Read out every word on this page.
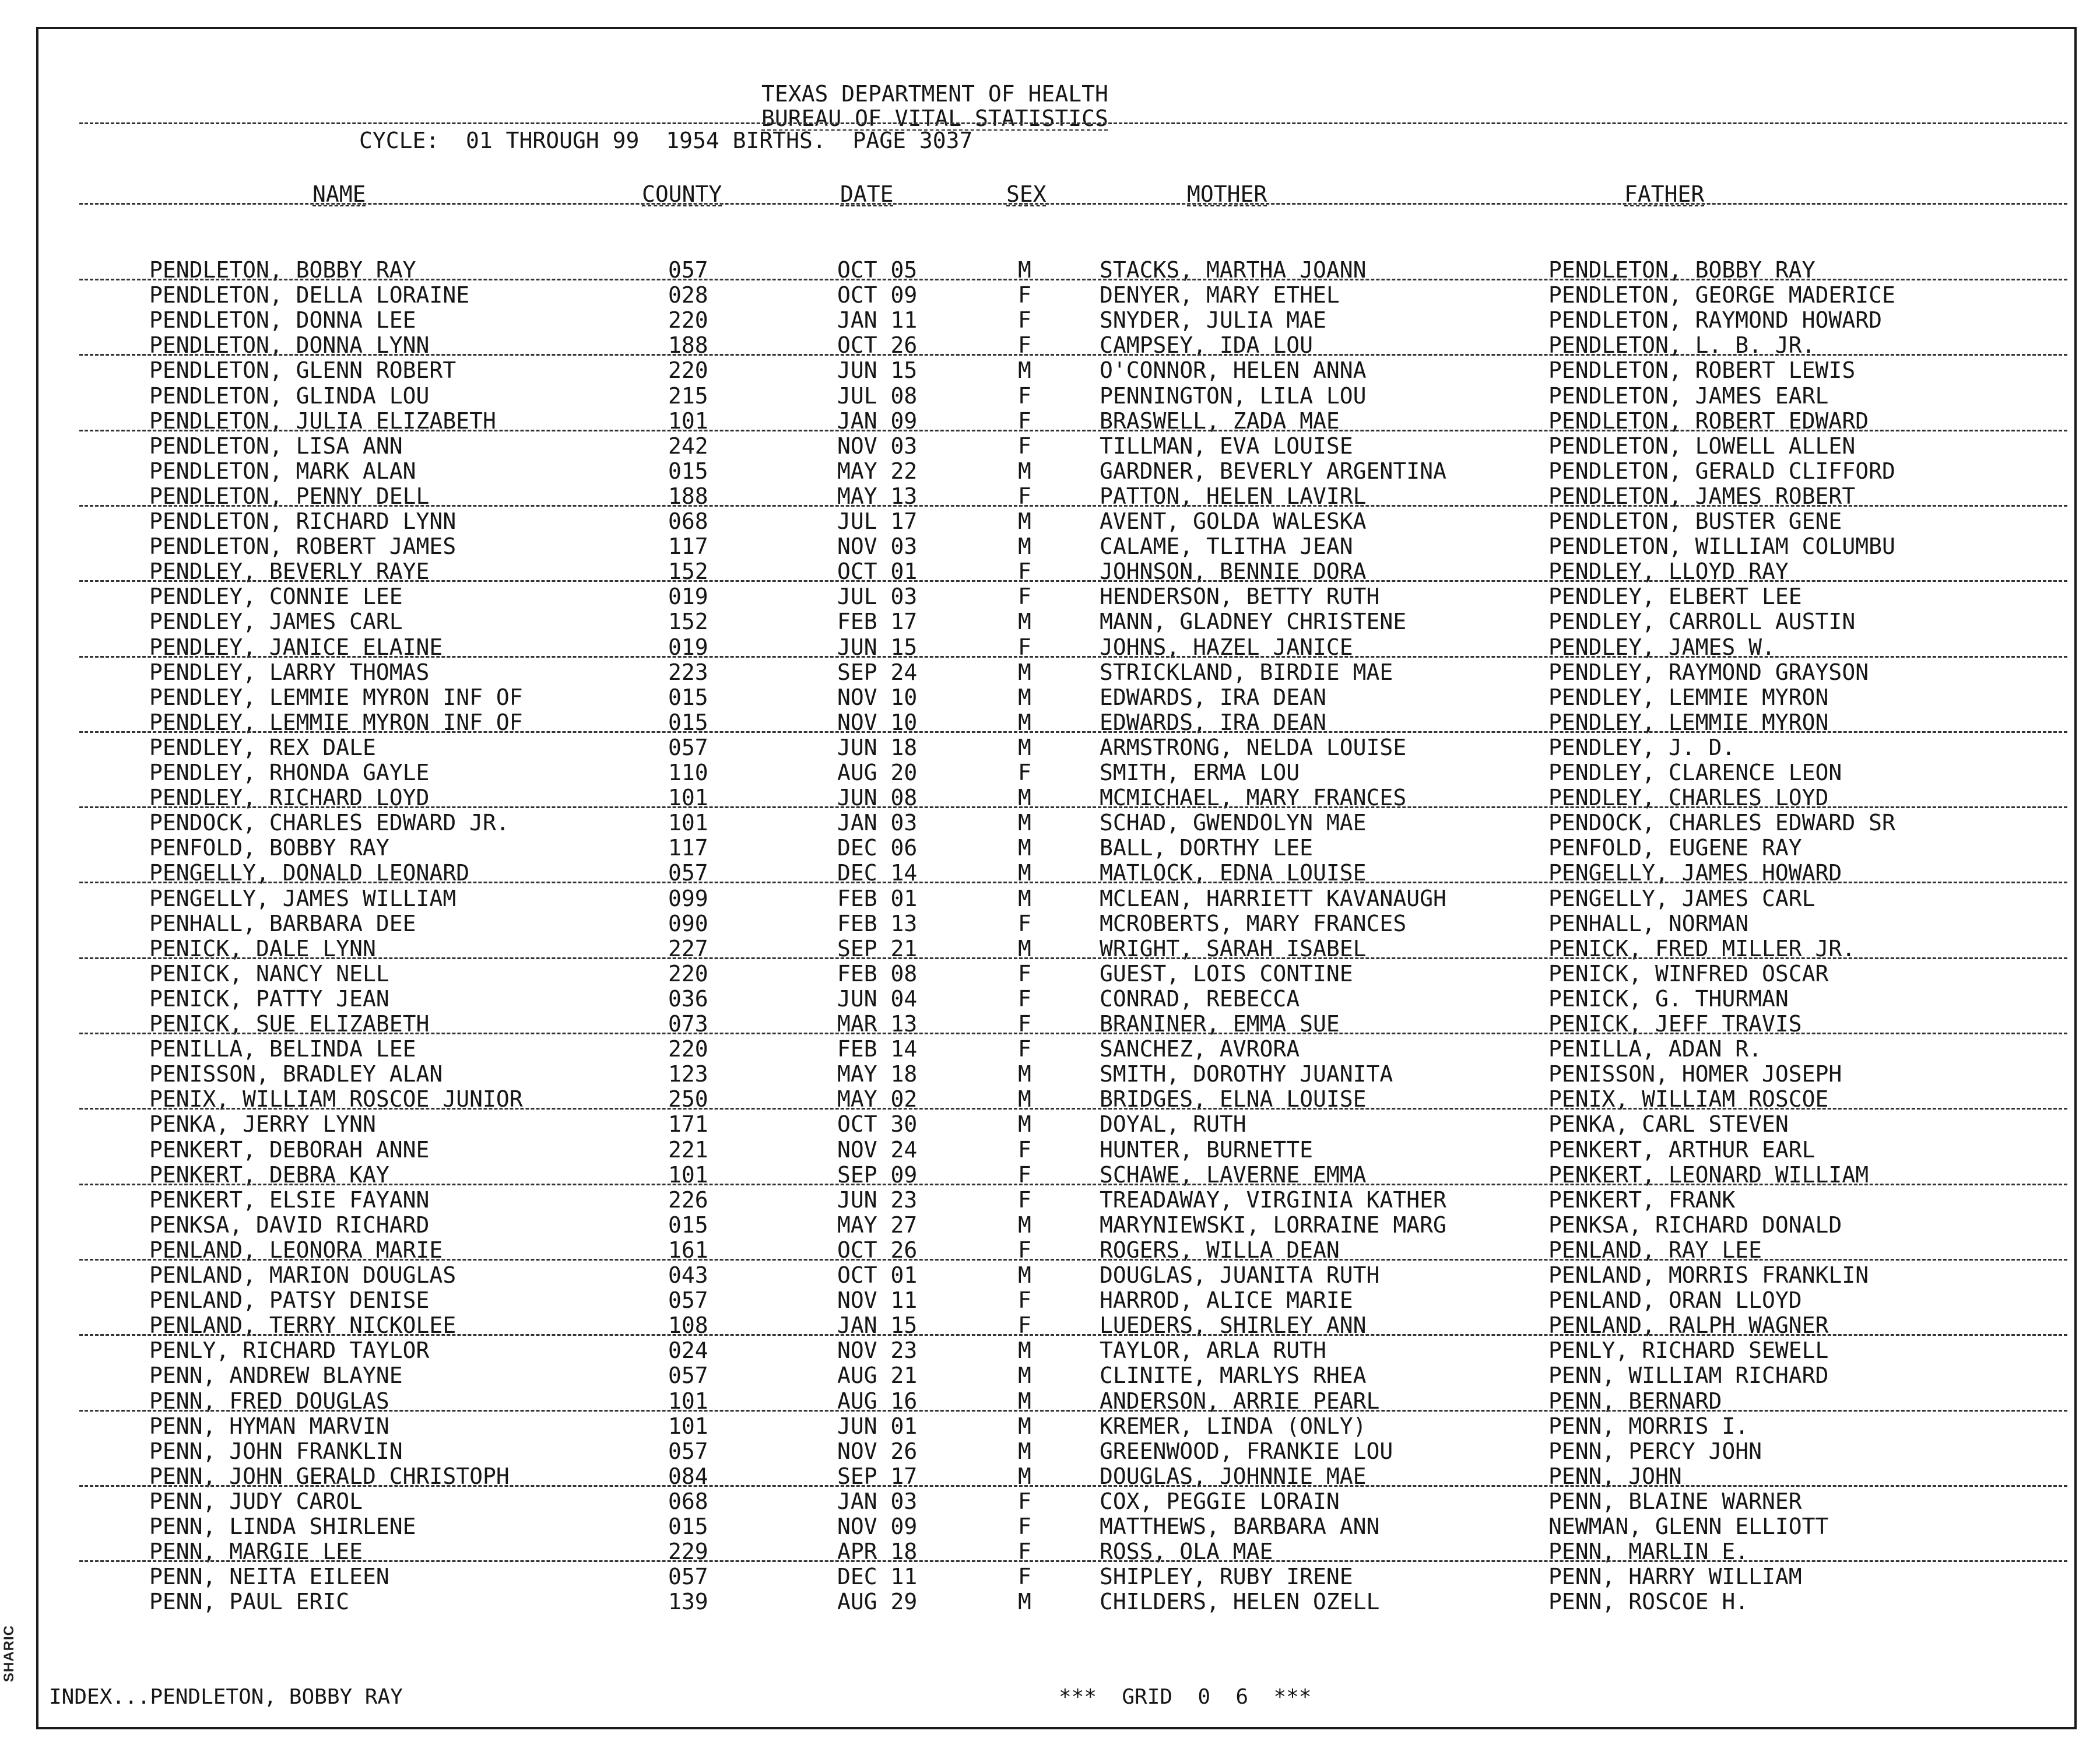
TEXAS DEPARTMENT OF HEALTH
BUREAU OF VITAL STATISTICS
CYCLE:  01 THROUGH 99  1954 BIRTHS.  PAGE 3037
NAME	COUNTY	DATE	SEX	MOTHER	FATHER
PENDLETON, BOBBY RAY	057	OCT 05	M	STACKS, MARTHA JOANN	PENDLETON, BOBBY RAY
PENDLETON, DELLA LORAINE	028	OCT 09	F	DENYER, MARY ETHEL	PENDLETON, GEORGE MADERICE
PENDLETON, DONNA LEE	220	JAN 11	F	SNYDER, JULIA MAE	PENDLETON, RAYMOND HOWARD
PENDLETON, DONNA LYNN	188	OCT 26	F	CAMPSEY, IDA LOU	PENDLETON, L. B. JR.
PENDLETON, GLENN ROBERT	220	JUN 15	M	O'CONNOR, HELEN ANNA	PENDLETON, ROBERT LEWIS
PENDLETON, GLINDA LOU	215	JUL 08	F	PENNINGTON, LILA LOU	PENDLETON, JAMES EARL
PENDLETON, JULIA ELIZABETH	101	JAN 09	F	BRASWELL, ZADA MAE	PENDLETON, ROBERT EDWARD
PENDLETON, LISA ANN	242	NOV 03	F	TILLMAN, EVA LOUISE	PENDLETON, LOWELL ALLEN
PENDLETON, MARK ALAN	015	MAY 22	M	GARDNER, BEVERLY ARGENTINA	PENDLETON, GERALD CLIFFORD
PENDLETON, PENNY DELL	188	MAY 13	F	PATTON, HELEN LAVIRL	PENDLETON, JAMES ROBERT
PENDLETON, RICHARD LYNN	068	JUL 17	M	AVENT, GOLDA WALESKA	PENDLETON, BUSTER GENE
PENDLETON, ROBERT JAMES	117	NOV 03	M	CALAME, TLITHA JEAN	PENDLETON, WILLIAM COLUMBU
PENDLEY, BEVERLY RAYE	152	OCT 01	F	JOHNSON, BENNIE DORA	PENDLEY, LLOYD RAY
PENDLEY, CONNIE LEE	019	JUL 03	F	HENDERSON, BETTY RUTH	PENDLEY, ELBERT LEE
PENDLEY, JAMES CARL	152	FEB 17	M	MANN, GLADNEY CHRISTENE	PENDLEY, CARROLL AUSTIN
PENDLEY, JANICE ELAINE	019	JUN 15	F	JOHNS, HAZEL JANICE	PENDLEY, JAMES W.
PENDLEY, LARRY THOMAS	223	SEP 24	M	STRICKLAND, BIRDIE MAE	PENDLEY, RAYMOND GRAYSON
PENDLEY, LEMMIE MYRON INF OF	015	NOV 10	M	EDWARDS, IRA DEAN	PENDLEY, LEMMIE MYRON
PENDLEY, LEMMIE MYRON INF OF	015	NOV 10	M	EDWARDS, IRA DEAN	PENDLEY, LEMMIE MYRON
PENDLEY, REX DALE	057	JUN 18	M	ARMSTRONG, NELDA LOUISE	PENDLEY, J. D.
PENDLEY, RHONDA GAYLE	110	AUG 20	F	SMITH, ERMA LOU	PENDLEY, CLARENCE LEON
PENDLEY, RICHARD LOYD	101	JUN 08	M	MCMICHAEL, MARY FRANCES	PENDLEY, CHARLES LOYD
PENDOCK, CHARLES EDWARD JR.	101	JAN 03	M	SCHAD, GWENDOLYN MAE	PENDOCK, CHARLES EDWARD SR
PENFOLD, BOBBY RAY	117	DEC 06	M	BALL, DORTHY LEE	PENFOLD, EUGENE RAY
PENGELLY, DONALD LEONARD	057	DEC 14	M	MATLOCK, EDNA LOUISE	PENGELLY, JAMES HOWARD
PENGELLY, JAMES WILLIAM	099	FEB 01	M	MCLEAN, HARRIETT KAVANAUGH	PENGELLY, JAMES CARL
PENHALL, BARBARA DEE	090	FEB 13	F	MCROBERTS, MARY FRANCES	PENHALL, NORMAN
PENICK, DALE LYNN	227	SEP 21	M	WRIGHT, SARAH ISABEL	PENICK, FRED MILLER JR.
PENICK, NANCY NELL	220	FEB 08	F	GUEST, LOIS CONTINE	PENICK, WINFRED OSCAR
PENICK, PATTY JEAN	036	JUN 04	F	CONRAD, REBECCA	PENICK, G. THURMAN
PENICK, SUE ELIZABETH	073	MAR 13	F	BRANINER, EMMA SUE	PENICK, JEFF TRAVIS
PENILLA, BELINDA LEE	220	FEB 14	F	SANCHEZ, AVRORA	PENILLA, ADAN R.
PENISSON, BRADLEY ALAN	123	MAY 18	M	SMITH, DOROTHY JUANITA	PENISSON, HOMER JOSEPH
PENIX, WILLIAM ROSCOE JUNIOR	250	MAY 02	M	BRIDGES, ELNA LOUISE	PENIX, WILLIAM ROSCOE
PENKA, JERRY LYNN	171	OCT 30	M	DOYAL, RUTH	PENKA, CARL STEVEN
PENKERT, DEBORAH ANNE	221	NOV 24	F	HUNTER, BURNETTE	PENKERT, ARTHUR EARL
PENKERT, DEBRA KAY	101	SEP 09	F	SCHAWE, LAVERNE EMMA	PENKERT, LEONARD WILLIAM
PENKERT, ELSIE FAYANN	226	JUN 23	F	TREADAWAY, VIRGINIA KATHER	PENKERT, FRANK
PENKSA, DAVID RICHARD	015	MAY 27	M	MARYNIEWSKI, LORRAINE MARG	PENKSA, RICHARD DONALD
PENLAND, LEONORA MARIE	161	OCT 26	F	ROGERS, WILLA DEAN	PENLAND, RAY LEE
PENLAND, MARION DOUGLAS	043	OCT 01	M	DOUGLAS, JUANITA RUTH	PENLAND, MORRIS FRANKLIN
PENLAND, PATSY DENISE	057	NOV 11	F	HARROD, ALICE MARIE	PENLAND, ORAN LLOYD
PENLAND, TERRY NICKOLEE	108	JAN 15	F	LUEDERS, SHIRLEY ANN	PENLAND, RALPH WAGNER
PENLY, RICHARD TAYLOR	024	NOV 23	M	TAYLOR, ARLA RUTH	PENLY, RICHARD SEWELL
PENN, ANDREW BLAYNE	057	AUG 21	M	CLINITE, MARLYS RHEA	PENN, WILLIAM RICHARD
PENN, FRED DOUGLAS	101	AUG 16	M	ANDERSON, ARRIE PEARL	PENN, BERNARD
PENN, HYMAN MARVIN	101	JUN 01	M	KREMER, LINDA (ONLY)	PENN, MORRIS I.
PENN, JOHN FRANKLIN	057	NOV 26	M	GREENWOOD, FRANKIE LOU	PENN, PERCY JOHN
PENN, JOHN GERALD CHRISTOPH	084	SEP 17	M	DOUGLAS, JOHNNIE MAE	PENN, JOHN
PENN, JUDY CAROL	068	JAN 03	F	COX, PEGGIE LORAIN	PENN, BLAINE WARNER
PENN, LINDA SHIRLENE	015	NOV 09	F	MATTHEWS, BARBARA ANN	NEWMAN, GLENN ELLIOTT
PENN, MARGIE LEE	229	APR 18	F	ROSS, OLA MAE	PENN, MARLIN E.
PENN, NEITA EILEEN	057	DEC 11	F	SHIPLEY, RUBY IRENE	PENN, HARRY WILLIAM
PENN, PAUL ERIC	139	AUG 29	M	CHILDERS, HELEN OZELL	PENN, ROSCOE H.
INDEX...PENDLETON, BOBBY RAY	***  GRID  0  6  ***
SHARIC
